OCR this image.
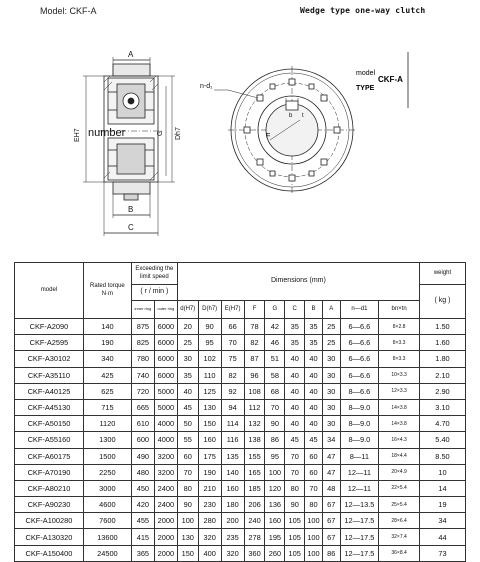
Model: CKF-A	Wedge type one-way clutch
A
EH7 number	G Dh7
B
C
n-d₁
F
b t
model
TYPE
CKF-A
model	Rated torque N·m	Exceeding the limit speed		Dimensions (mm)										weight
		( r / min )												( kg )
		inner ring	outer ring	d(H7)	D(h7)	E(H7)	F	G	C	B	A	n—d1	bn×tn	
CKF-A2090	140	875	6000	20	90	66	78	42	35	35	25	6—6.6	8×2.8	1.50
CKF-A2595	190	825	6000	25	95	70	82	46	35	35	25	6—6.6	8×3.3	1.60
CKF-A30102	340	780	6000	30	102	75	87	51	40	40	30	6—6.6	8×3.3	1.80
CKF-A35110	425	740	6000	35	110	82	96	58	40	40	30	6—6.6	10×3.3	2.10
CKF-A40125	625	720	5000	40	125	92	108	68	40	40	30	8—6.6	12×3.3	2.90
CKF-A45130	715	665	5000	45	130	94	112	70	40	40	30	8—9.0	14×3.8	3.10
CKF-A50150	1120	610	4000	50	150	114	132	90	40	40	30	8—9.0	14×3.8	4.70
CKF-A55160	1300	600	4000	55	160	116	138	86	45	45	34	8—9.0	16×4.3	5.40
CKF-A60175	1500	490	3200	60	175	135	155	95	70	60	47	8—11	18×4.4	8.50
CKF-A70190	2250	480	3200	70	190	140	165	100	70	60	47	12—11	20×4.9	10
CKF-A80210	3000	450	2400	80	210	160	185	120	80	70	48	12—11	22×5.4	14
CKF-A90230	4600	420	2400	90	230	180	206	136	90	80	67	12—13.5	25×5.4	19
CKF-A100280	7600	455	2000	100	280	200	240	160	105	100	67	12—17.5	28×6.4	34
CKF-A130320	13600	415	2000	130	320	235	278	195	105	100	67	12—17.5	32×7.4	44
CKF-A150400	24500	365	2000	150	400	320	360	260	105	100	86	12—17.5	36×8.4	73
